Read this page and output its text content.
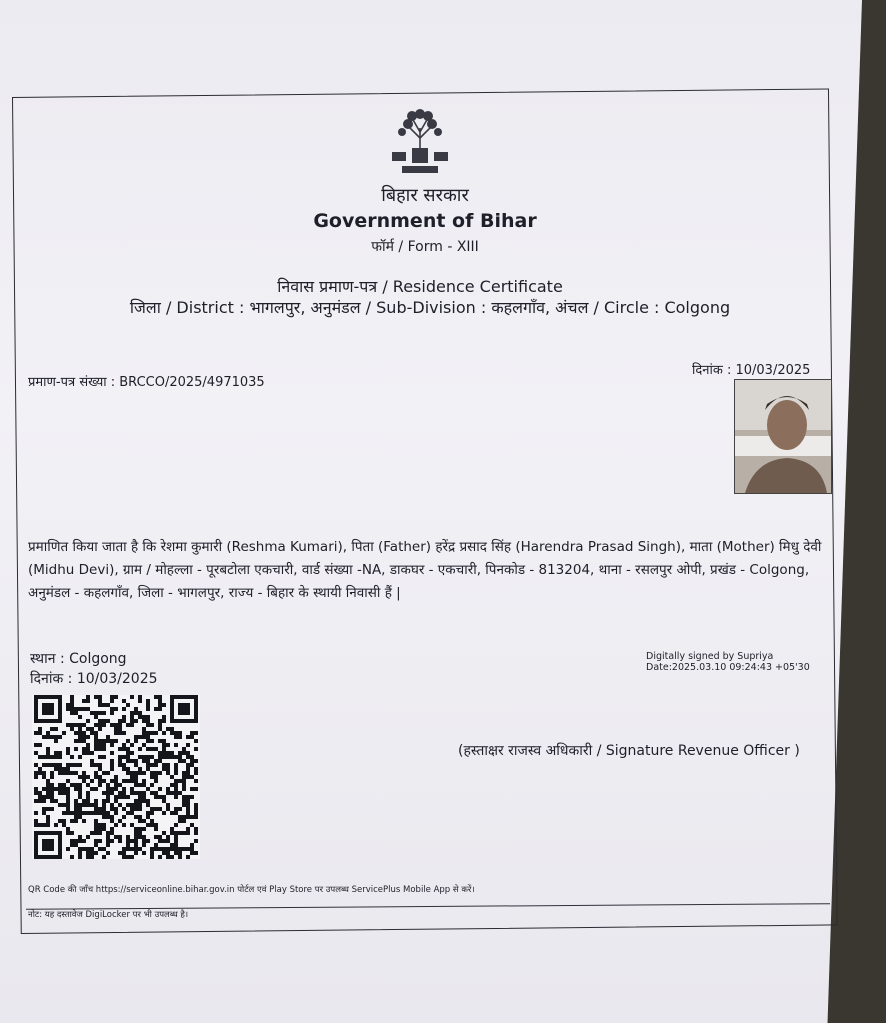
बिहार सरकार
Government of Bihar
फॉर्म / Form - XIII
निवास प्रमाण-पत्र / Residence Certificate
जिला / District : भागलपुर, अनुमंडल / Sub-Division : कहलगाँव, अंचल / Circle : Colgong
प्रमाण-पत्र संख्या : BRCCO/2025/4971035
दिनांक : 10/03/2025
प्रमाणित किया जाता है कि रेशमा कुमारी (Reshma Kumari), पिता (Father) हरेंद्र प्रसाद सिंह (Harendra Prasad Singh), माता (Mother) मिधु देवी (Midhu Devi), ग्राम / मोहल्ला - पूरबटोला एकचारी, वार्ड संख्या -NA, डाकघर - एकचारी, पिनकोड - 813204, थाना - रसलपुर ओपी, प्रखंड - Colgong, अनुमंडल - कहलगाँव, जिला - भागलपुर, राज्य - बिहार के स्थायी निवासी हैं |
स्थान : Colgong
दिनांक : 10/03/2025
Digitally signed by Supriya
Date:2025.03.10 09:24:43 +05'30
(हस्ताक्षर राजस्व अधिकारी / Signature Revenue Officer )
QR Code की जाँच https://serviceonline.bihar.gov.in पोर्टल एवं Play Store पर उपलब्ध ServicePlus Mobile App से करें।
नोट: यह दस्तावेज DigiLocker पर भी उपलब्ध है।
